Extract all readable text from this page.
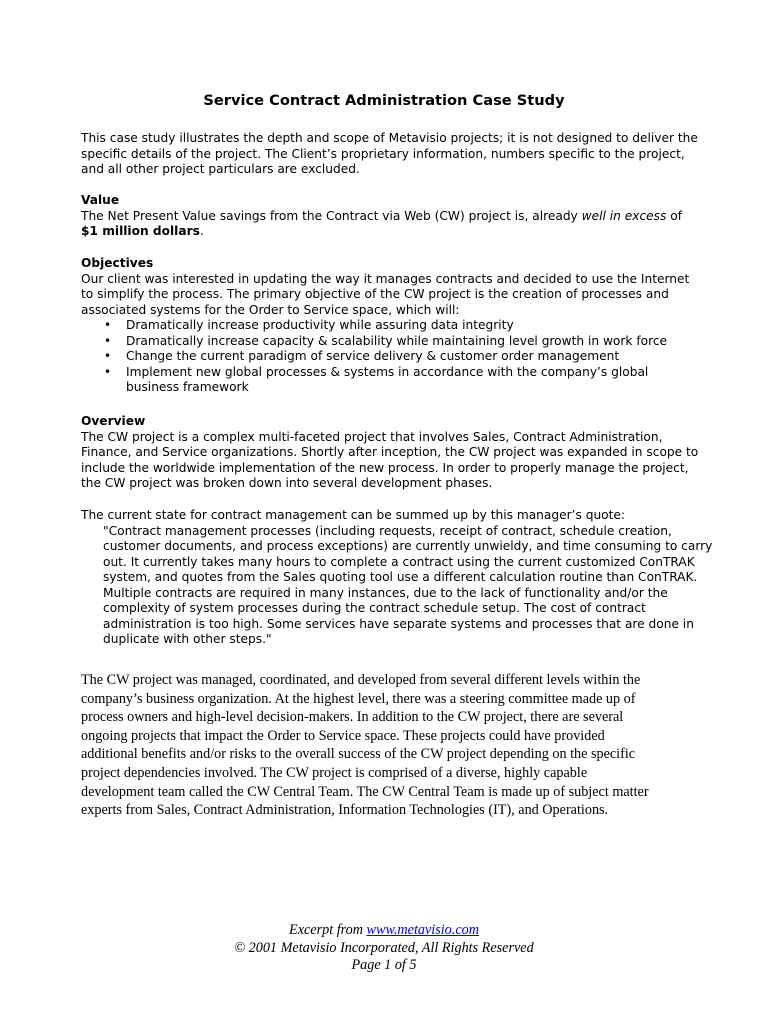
Service Contract Administration Case Study
This case study illustrates the depth and scope of Metavisio projects; it is not designed to deliver the specific details of the project. The Client’s proprietary information, numbers specific to the project, and all other project particulars are excluded.
Value

The Net Present Value savings from the Contract via Web (CW) project is, already well in excess of $1 million dollars.

Objectives

Our client was interested in updating the way it manages contracts and decided to use the Internet to simplify the process. The primary objective of the CW project is the creation of processes and associated systems for the Order to Service space, which will:

• Dramatically increase productivity while assuring data integrity
• Dramatically increase capacity & scalability while maintaining level growth in work force
• Change the current paradigm of service delivery & customer order management
• Implement new global processes & systems in accordance with the company’s global business framework
Overview

The CW project is a complex multi-faceted project that involves Sales, Contract Administration, Finance, and Service organizations. Shortly after inception, the CW project was expanded in scope to include the worldwide implementation of the new process. In order to properly manage the project, the CW project was broken down into several development phases.

The current state for contract management can be summed up by this manager’s quote:

"Contract management processes (including requests, receipt of contract, schedule creation, customer documents, and process exceptions) are currently unwieldy, and time consuming to carry out. It currently takes many hours to complete a contract using the current customized ConTRAK system, and quotes from the Sales quoting tool use a different calculation routine than ConTRAK. Multiple contracts are required in many instances, due to the lack of functionality and/or the complexity of system processes during the contract schedule setup. The cost of contract administration is too high. Some services have separate systems and processes that are done in duplicate with other steps."

The CW project was managed, coordinated, and developed from several different levels within the company’s business organization. At the highest level, there was a steering committee made up of process owners and high-level decision-makers. In addition to the CW project, there are several ongoing projects that impact the Order to Service space. These projects could have provided additional benefits and/or risks to the overall success of the CW project depending on the specific project dependencies involved. The CW project is comprised of a diverse, highly capable development team called the CW Central Team. The CW Central Team is made up of subject matter experts from Sales, Contract Administration, Information Technologies (IT), and Operations.
Excerpt from www.metavisio.com
© 2001 Metavisio Incorporated, All Rights Reserved
Page 1 of 5
